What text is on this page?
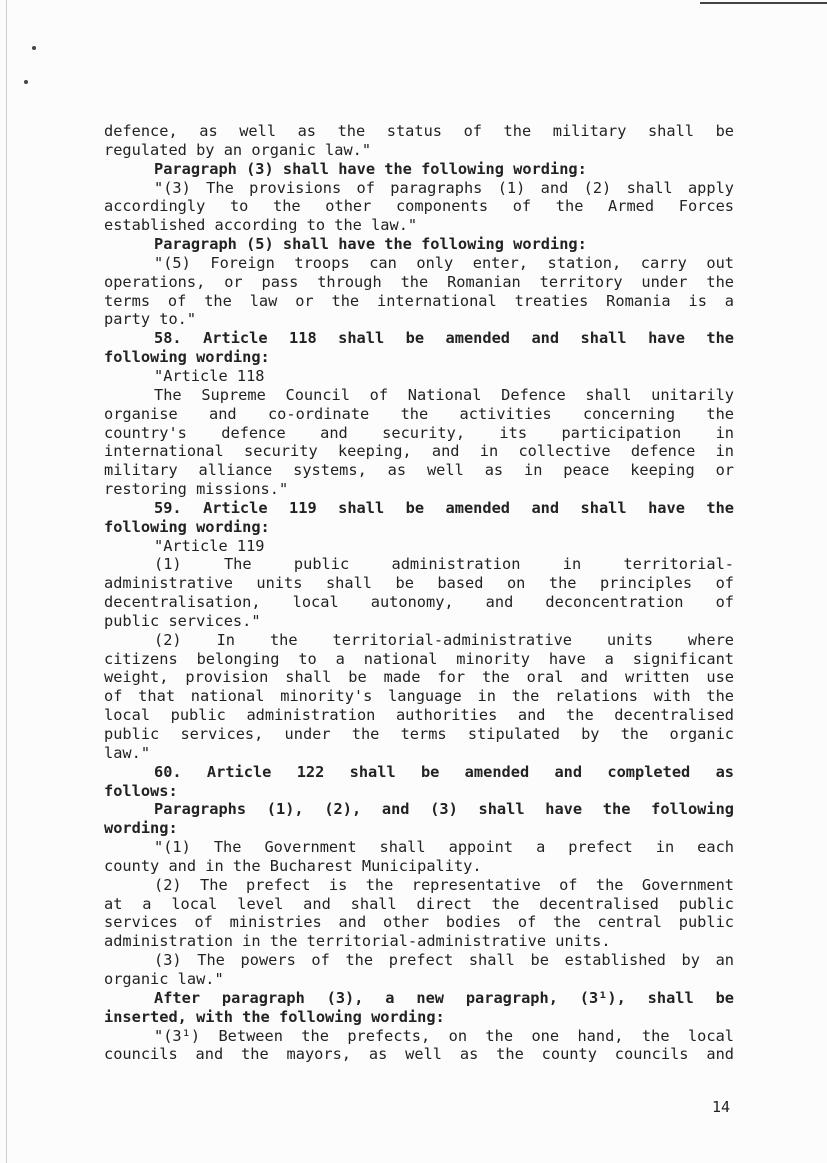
defence, as well as the status of the military shall be
regulated by an organic law."
Paragraph (3) shall have the following wording:
"(3) The provisions of paragraphs (1) and (2) shall apply
accordingly to the other components of the Armed Forces
established according to the law."
Paragraph (5) shall have the following wording:
"(5) Foreign troops can only enter, station, carry out
operations, or pass through the Romanian territory under the
terms of the law or the international treaties Romania is a
party to."
58. Article 118 shall be amended and shall have the
following wording:
"Article 118
The Supreme Council of National Defence shall unitarily
organise and co-ordinate the activities concerning the
country's defence and security, its participation in
international security keeping, and in collective defence in
military alliance systems, as well as in peace keeping or
restoring missions."
59. Article 119 shall be amended and shall have the
following wording:
"Article 119
(1) The public administration in territorial-
administrative units shall be based on the principles of
decentralisation, local autonomy, and deconcentration of
public services."
(2) In the territorial-administrative units where
citizens belonging to a national minority have a significant
weight, provision shall be made for the oral and written use
of that national minority's language in the relations with the
local public administration authorities and the decentralised
public services, under the terms stipulated by the organic
law."
60. Article 122 shall be amended and completed as
follows:
Paragraphs (1), (2), and (3) shall have the following
wording:
"(1) The Government shall appoint a prefect in each
county and in the Bucharest Municipality.
(2) The prefect is the representative of the Government
at a local level and shall direct the decentralised public
services of ministries and other bodies of the central public
administration in the territorial-administrative units.
(3) The powers of the prefect shall be established by an
organic law."
After paragraph (3), a new paragraph, (3¹), shall be
inserted, with the following wording:
"(3¹) Between the prefects, on the one hand, the local
councils and the mayors, as well as the county councils and
14
